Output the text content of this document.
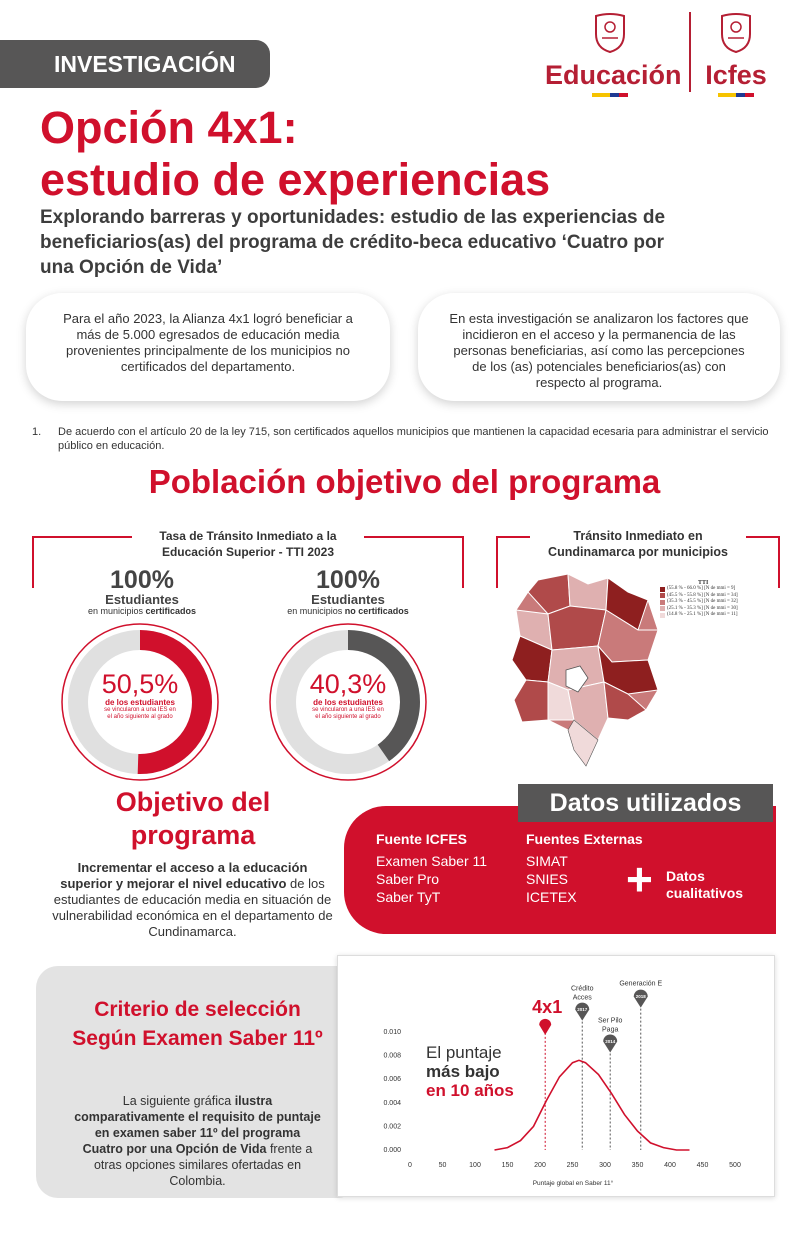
INVESTIGACIÓN	Educación Icfes
Opción 4x1:
estudio de experiencias
Explorando barreras y oportunidades: estudio de las experiencias de beneficiarios(as) del programa de crédito-beca educativo ‘Cuatro por una Opción de Vida’
Para el año 2023, la Alianza 4x1 logró beneficiar a más de 5.000 egresados de educación media provenientes principalmente de los municipios no certificados del departamento.
En esta investigación se analizaron los factores que incidieron en el acceso y la permanencia de las personas beneficiarias, así como las percepciones de los (as) potenciales beneficiarios(as) con respecto al programa.
1.	De acuerdo con el artículo 20 de la ley 715, son certificados aquellos municipios que mantienen la capacidad ecesaria para administrar el servicio público en educación.
Población objetivo del programa
Tasa de Tránsito Inmediato a la
Educación Superior - TTI 2023
100%
Estudiantes
en municipios certificados
50,5%
de los estudiantes
se vincularon a una IES en
el año siguiente al grado
100%
Estudiantes
en municipios no certificados
40,3%
de los estudiantes
se vincularon a una IES en
el año siguiente al grado
Tránsito Inmediato en
Cundinamarca por municipios
TTI
(55.8 % - 66.0 %] [N de mmi = 9]
(45.5 % - 55.8 %] [N de mmi = 34]
(35.3 % - 45.5 %] [N de mmi = 32]
(25.1 % - 35.3 %] [N de mmi = 30]
(14.8 % - 25.1 %] [N de mmi = 11]
Objetivo del
programa
Incrementar el acceso a la educación superior y mejorar el nivel educativo de los estudiantes de educación media en situación de vulnerabilidad económica en el departamento de Cundinamarca.
Fuente ICFES
Examen Saber 11
Saber Pro
Saber TyT
Fuentes Externas
SIMAT
SNIES
ICETEX	+ Datos
cualitativos
Datos utilizados
Criterio de selección
Según Examen Saber 11º
La siguiente gráfica ilustra comparativamente el requisito de puntaje en examen saber 11º del programa Cuatro por una Opción de Vida frente a otras opciones similares ofertadas en Colombia.
0.000
0.002
0.004
0.006
0.008
0.010
0	50	100	150	200	250	300	350	400	450	500
4x1	2017
Crédito
Acces
2014
Ser Pilo
Paga
2018
Generación E
Puntaje global en Saber 11°
El puntaje
más bajo
en 10 años
